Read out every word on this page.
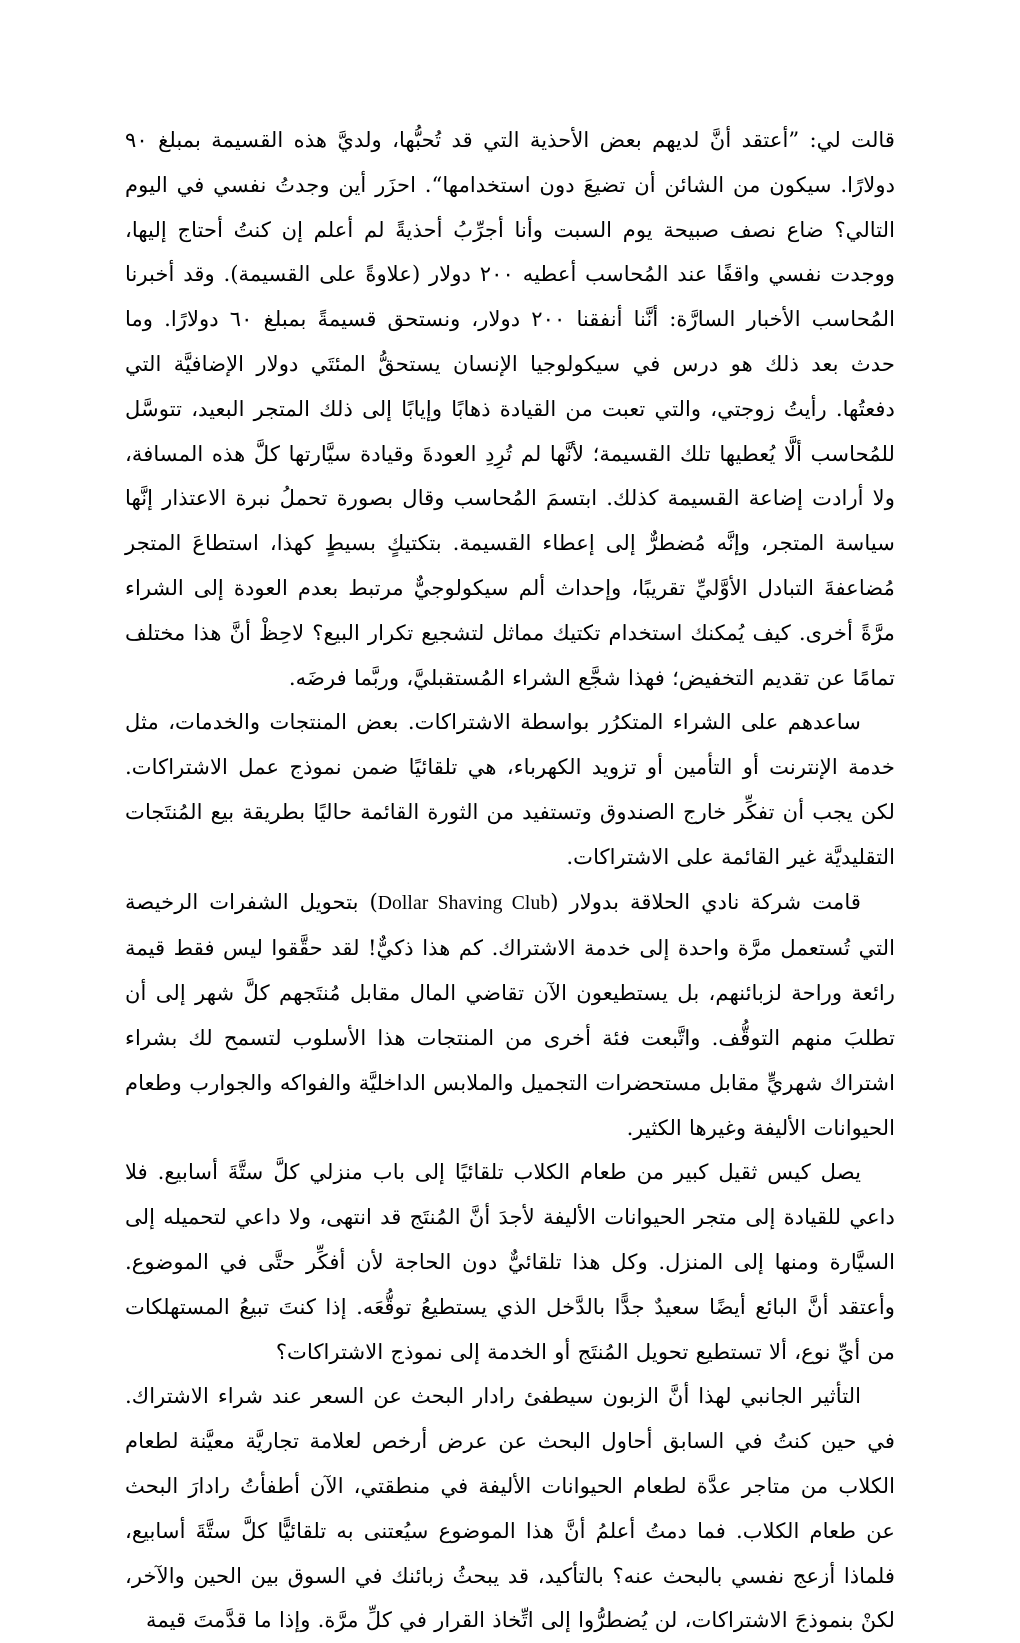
قالت لي: ”أعتقد أنَّ لديهم بعض الأحذية التي قد تُحبُّها، ولديَّ هذه القسيمة بمبلغ ٩٠ دولارًا. سيكون من الشائن أن تضيعَ دون استخدامها“. احزَر أين وجدتُ نفسي في اليوم التالي؟ ضاع نصف صبيحة يوم السبت وأنا أجرِّبُ أحذيةً لم أعلم إن كنتُ أحتاج إليها، ووجدت نفسي واقفًا عند المُحاسب أعطيه ٢٠٠ دولار (علاوةً على القسيمة). وقد أخبرنا المُحاسب الأخبار السارَّة: أنَّنا أنفقنا ٢٠٠ دولار، ونستحق قسيمةً بمبلغ ٦٠ دولارًا. وما حدث بعد ذلك هو درس في سيكولوجيا الإنسان يستحقُّ المئتَي دولار الإضافيَّة التي دفعتُها. رأيتُ زوجتي، والتي تعبت من القيادة ذهابًا وإيابًا إلى ذلك المتجر البعيد، تتوسَّل للمُحاسب ألَّا يُعطيها تلك القسيمة؛ لأنَّها لم تُرِدِ العودةَ وقيادة سيَّارتها كلَّ هذه المسافة، ولا أرادت إضاعة القسيمة كذلك. ابتسمَ المُحاسب وقال بصورة تحملُ نبرة الاعتذار إنَّها سياسة المتجر، وإنَّه مُضطرٌّ إلى إعطاء القسيمة. بتكتيكٍ بسيطٍ كهذا، استطاعَ المتجر مُضاعفةَ التبادل الأوَّليِّ تقريبًا، وإحداث ألم سيكولوجيٌّ مرتبط بعدم العودة إلى الشراء مرَّةً أخرى. كيف يُمكنك استخدام تكتيك مماثل لتشجيع تكرار البيع؟ لاحِظْ أنَّ هذا مختلف تمامًا عن تقديم التخفيض؛ فهذا شجَّع الشراء المُستقبليَّ، وربَّما فرضَه.

ساعدهم على الشراء المتكرُر بواسطة الاشتراكات. بعض المنتجات والخدمات، مثل خدمة الإنترنت أو التأمين أو تزويد الكهرباء، هي تلقائيًا ضمن نموذج عمل الاشتراكات. لكن يجب أن تفكِّر خارج الصندوق وتستفيد من الثورة القائمة حاليًا بطريقة بيع المُنتَجات التقليديَّة غير القائمة على الاشتراكات.

قامت شركة نادي الحلاقة بدولار (Dollar Shaving Club) بتحويل الشفرات الرخيصة التي تُستعمل مرَّة واحدة إلى خدمة الاشتراك. كم هذا ذكيٌّ! لقد حقَّقوا ليس فقط قيمة رائعة وراحة لزبائنهم، بل يستطيعون الآن تقاضي المال مقابل مُنتَجهم كلَّ شهر إلى أن تطلبَ منهم التوقُّف. واتَّبعت فئة أخرى من المنتجات هذا الأسلوب لتسمح لك بشراء اشتراك شهريٍّ مقابل مستحضرات التجميل والملابس الداخليَّة والفواكه والجوارب وطعام الحيوانات الأليفة وغيرها الكثير.

يصل كيس ثقيل كبير من طعام الكلاب تلقائيًا إلى باب منزلي كلَّ ستَّةَ أسابيع. فلا داعي للقيادة إلى متجر الحيوانات الأليفة لأجدَ أنَّ المُنتَج قد انتهى، ولا داعي لتحميله إلى السيَّارة ومنها إلى المنزل. وكل هذا تلقائيٌّ دون الحاجة لأن أفكِّر حتَّى في الموضوع. وأعتقد أنَّ البائع أيضًا سعيدٌ جدًّا بالدَّخل الذي يستطيعُ توقُّعَه. إذا كنتَ تبيعُ المستهلكات من أيِّ نوع، ألا تستطيع تحويل المُنتَج أو الخدمة إلى نموذج الاشتراكات؟

التأثير الجانبي لهذا أنَّ الزبون سيطفئ رادار البحث عن السعر عند شراء الاشتراك. في حين كنتُ في السابق أحاول البحث عن عرض أرخص لعلامة تجاريَّة معيَّنة لطعام الكلاب من متاجر عدَّة لطعام الحيوانات الأليفة في منطقتي، الآن أطفأتُ رادارَ البحث عن طعام الكلاب. فما دمتُ أعلمُ أنَّ هذا الموضوع سيُعتنى به تلقائيًّا كلَّ ستَّةَ أسابيع، فلماذا أزعج نفسي بالبحث عنه؟ بالتأكيد، قد يبحثُ زبائنك في السوق بين الحين والآخر، لكنْ بنموذجَ الاشتراكات، لن يُضطرُّوا إلى اتِّخاذ القرار في كلِّ مرَّة. وإذا ما قدَّمتَ قيمة
